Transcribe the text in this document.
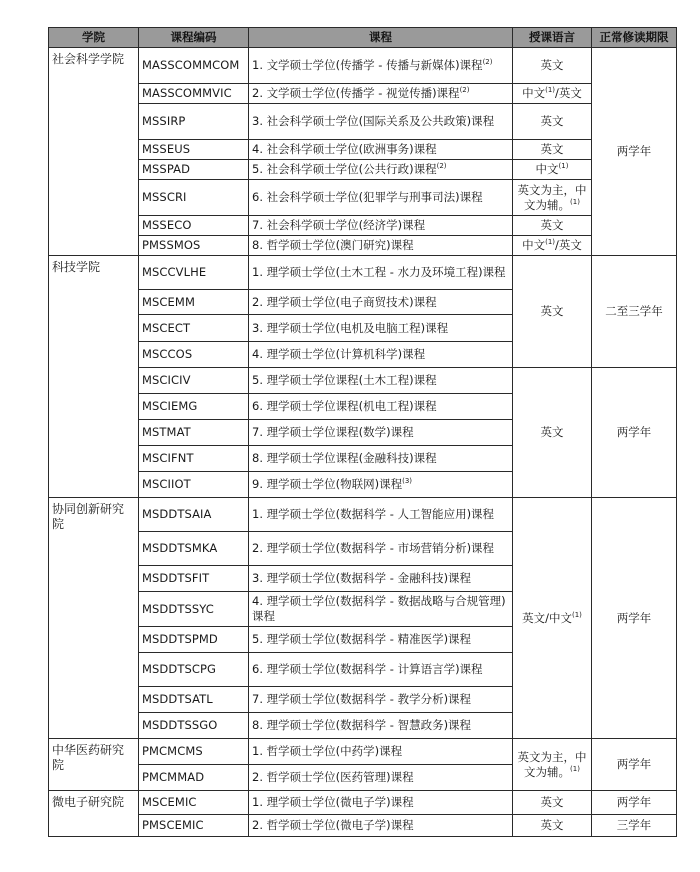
学院	课程编码	课程	授课语言	正常修读期限
社会科学学院	MASSCOMMCOM	1. 文学硕士学位(传播学 - 传播与新媒体)课程$^{(2)}$	英文	两学年
	MASSCOMMVIC	2. 文学硕士学位(传播学 - 视觉传播)课程$^{(2)}$	中文$^{(1)}$/英文	
	MSSIRP	3. 社会科学硕士学位(国际关系及公共政策)课程	英文	
	MSSEUS	4. 社会科学硕士学位(欧洲事务)课程	英文	
	MSSPAD	5. 社会科学硕士学位(公共行政)课程$^{(2)}$	中文$^{(1)}$
	MSSCRI	6. 社会科学硕士学位(犯罪学与刑事司法)课程	英文为主，中文为辅。$^{(1)}$
	MSSECO	7. 社会科学硕士学位(经济学)课程	英文	
	PMSSMOS	8. 哲学硕士学位(澳门研究)课程	中文$^{(1)}$/英文	
科技学院	MSCCVLHE	1. 理学硕士学位(土木工程 - 水力及环境工程)课程	英文	二至三学年
	MSCEMM	2. 理学硕士学位(电子商贸技术)课程		
	MSCECT	3. 理学硕士学位(电机及电脑工程)课程		
	MSCCOS	4. 理学硕士学位(计算机科学)课程		
	MSCICIV	5. 理学硕士学位课程(土木工程)课程	英文	两学年
	MSCIEMG	6. 理学硕士学位课程(机电工程)课程		
	MSTMAT	7. 理学硕士学位课程(数学)课程		
	MSCIFNT	8. 理学硕士学位课程(金融科技)课程		
	MSCIIOT	9. 理学硕士学位(物联网)课程$^{(3)}$
协同创新研究院	MSDDTSAIA	1. 理学硕士学位(数据科学 - 人工智能应用)课程	英文/中文$^{(1)}$	两学年
	MSDDTSMKA	2. 理学硕士学位(数据科学 - 市场营销分析)课程		
	MSDDTSFIT	3. 理学硕士学位(数据科学 - 金融科技)课程		
	MSDDTSSYC	4. 理学硕士学位(数据科学 - 数据战略与合规管理)课程		
	MSDDTSPMD	5. 理学硕士学位(数据科学 - 精准医学)课程		
	MSDDTSCPG	6. 理学硕士学位(数据科学 - 计算语言学)课程		
	MSDDTSATL	7. 理学硕士学位(数据科学 - 教学分析)课程		
	MSDDTSSGO	8. 理学硕士学位(数据科学 - 智慧政务)课程		
中华医药研究院	PMCMCMS	1. 哲学硕士学位(中药学)课程	英文为主，中文为辅。$^{(1)}$	两学年
	PMCMMAD	2. 哲学硕士学位(医药管理)课程		
微电子研究院	MSCEMIC	1. 理学硕士学位(微电子学)课程	英文	两学年
	PMSCEMIC	2. 哲学硕士学位(微电子学)课程	英文	三学年
